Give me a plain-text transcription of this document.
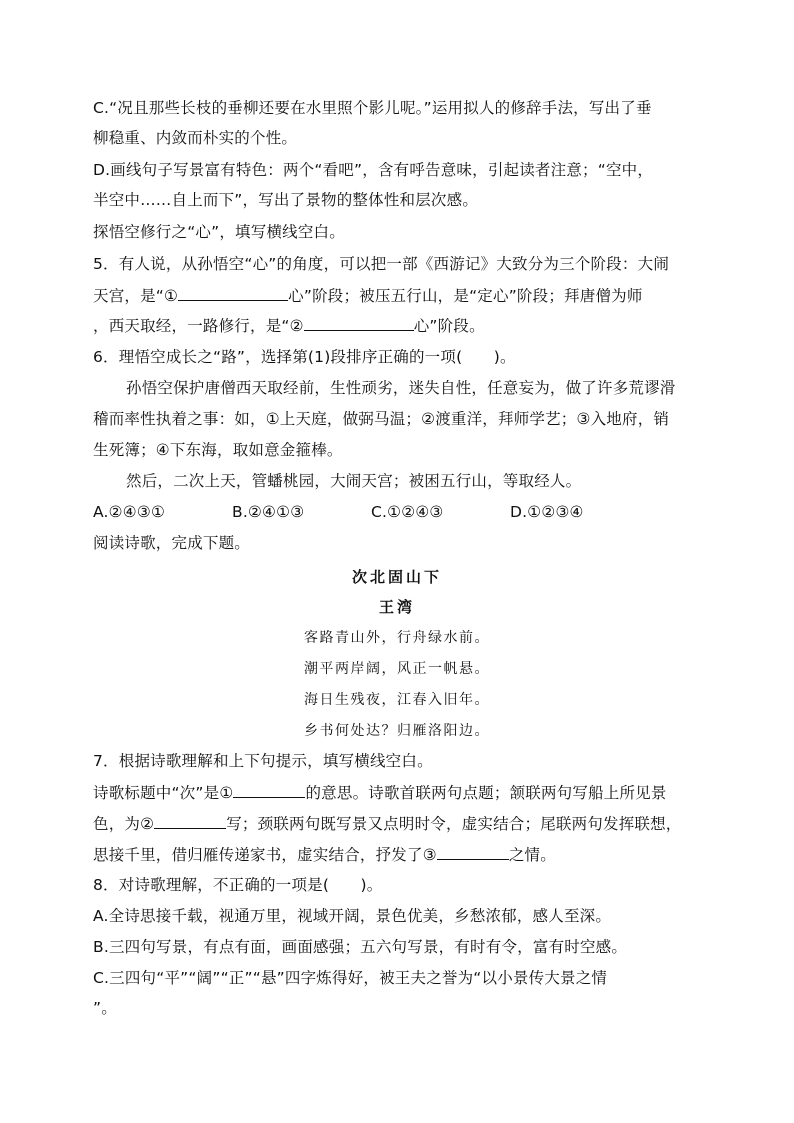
C.“况且那些长枝的垂柳还要在水里照个影儿呢。”运用拟人的修辞手法，写出了垂
柳稳重、内敛而朴实的个性。
D.画线句子写景富有特色：两个“看吧”，含有呼告意味，引起读者注意；“空中，
半空中……自上而下”，写出了景物的整体性和层次感。
探悟空修行之“心”，填写横线空白。
5．有人说，从孙悟空“心”的角度，可以把一部《西游记》大致分为三个阶段：大闹
天宫，是“①	心”阶段；被压五行山，是“定心”阶段；拜唐僧为师
，西天取经，一路修行，是“②	心”阶段。
6．理悟空成长之“路”，选择第(1)段排序正确的一项(　　)。
孙悟空保护唐僧西天取经前，生性顽劣，迷失自性，任意妄为，做了许多荒谬滑
稽而率性执着之事：如，①上天庭，做弼马温；②渡重洋，拜师学艺；③入地府，销
生死簿；④下东海，取如意金箍棒。
然后，二次上天，管蟠桃园，大闹天宫；被困五行山，等取经人。
A.②④③①	B.②④①③	C.①②④③	D.①②③④
阅读诗歌，完成下题。
次北固山下
王湾
客路青山外，行舟绿水前。
潮平两岸阔，风正一帆悬。
海日生残夜，江春入旧年。
乡书何处达？归雁洛阳边。
7．根据诗歌理解和上下句提示，填写横线空白。
诗歌标题中“次”是①	的意思。诗歌首联两句点题；颔联两句写船上所见景
色，为②	写；颈联两句既写景又点明时令，虚实结合；尾联两句发挥联想，
思接千里，借归雁传递家书，虚实结合，抒发了③	之情。
8．对诗歌理解，不正确的一项是(　　)。
A.全诗思接千载，视通万里，视域开阔，景色优美，乡愁浓郁，感人至深。
B.三四句写景，有点有面，画面感强；五六句写景，有时有令，富有时空感。
C.三四句“平”“阔”“正”“悬”四字炼得好，被王夫之誉为“以小景传大景之情
”。
